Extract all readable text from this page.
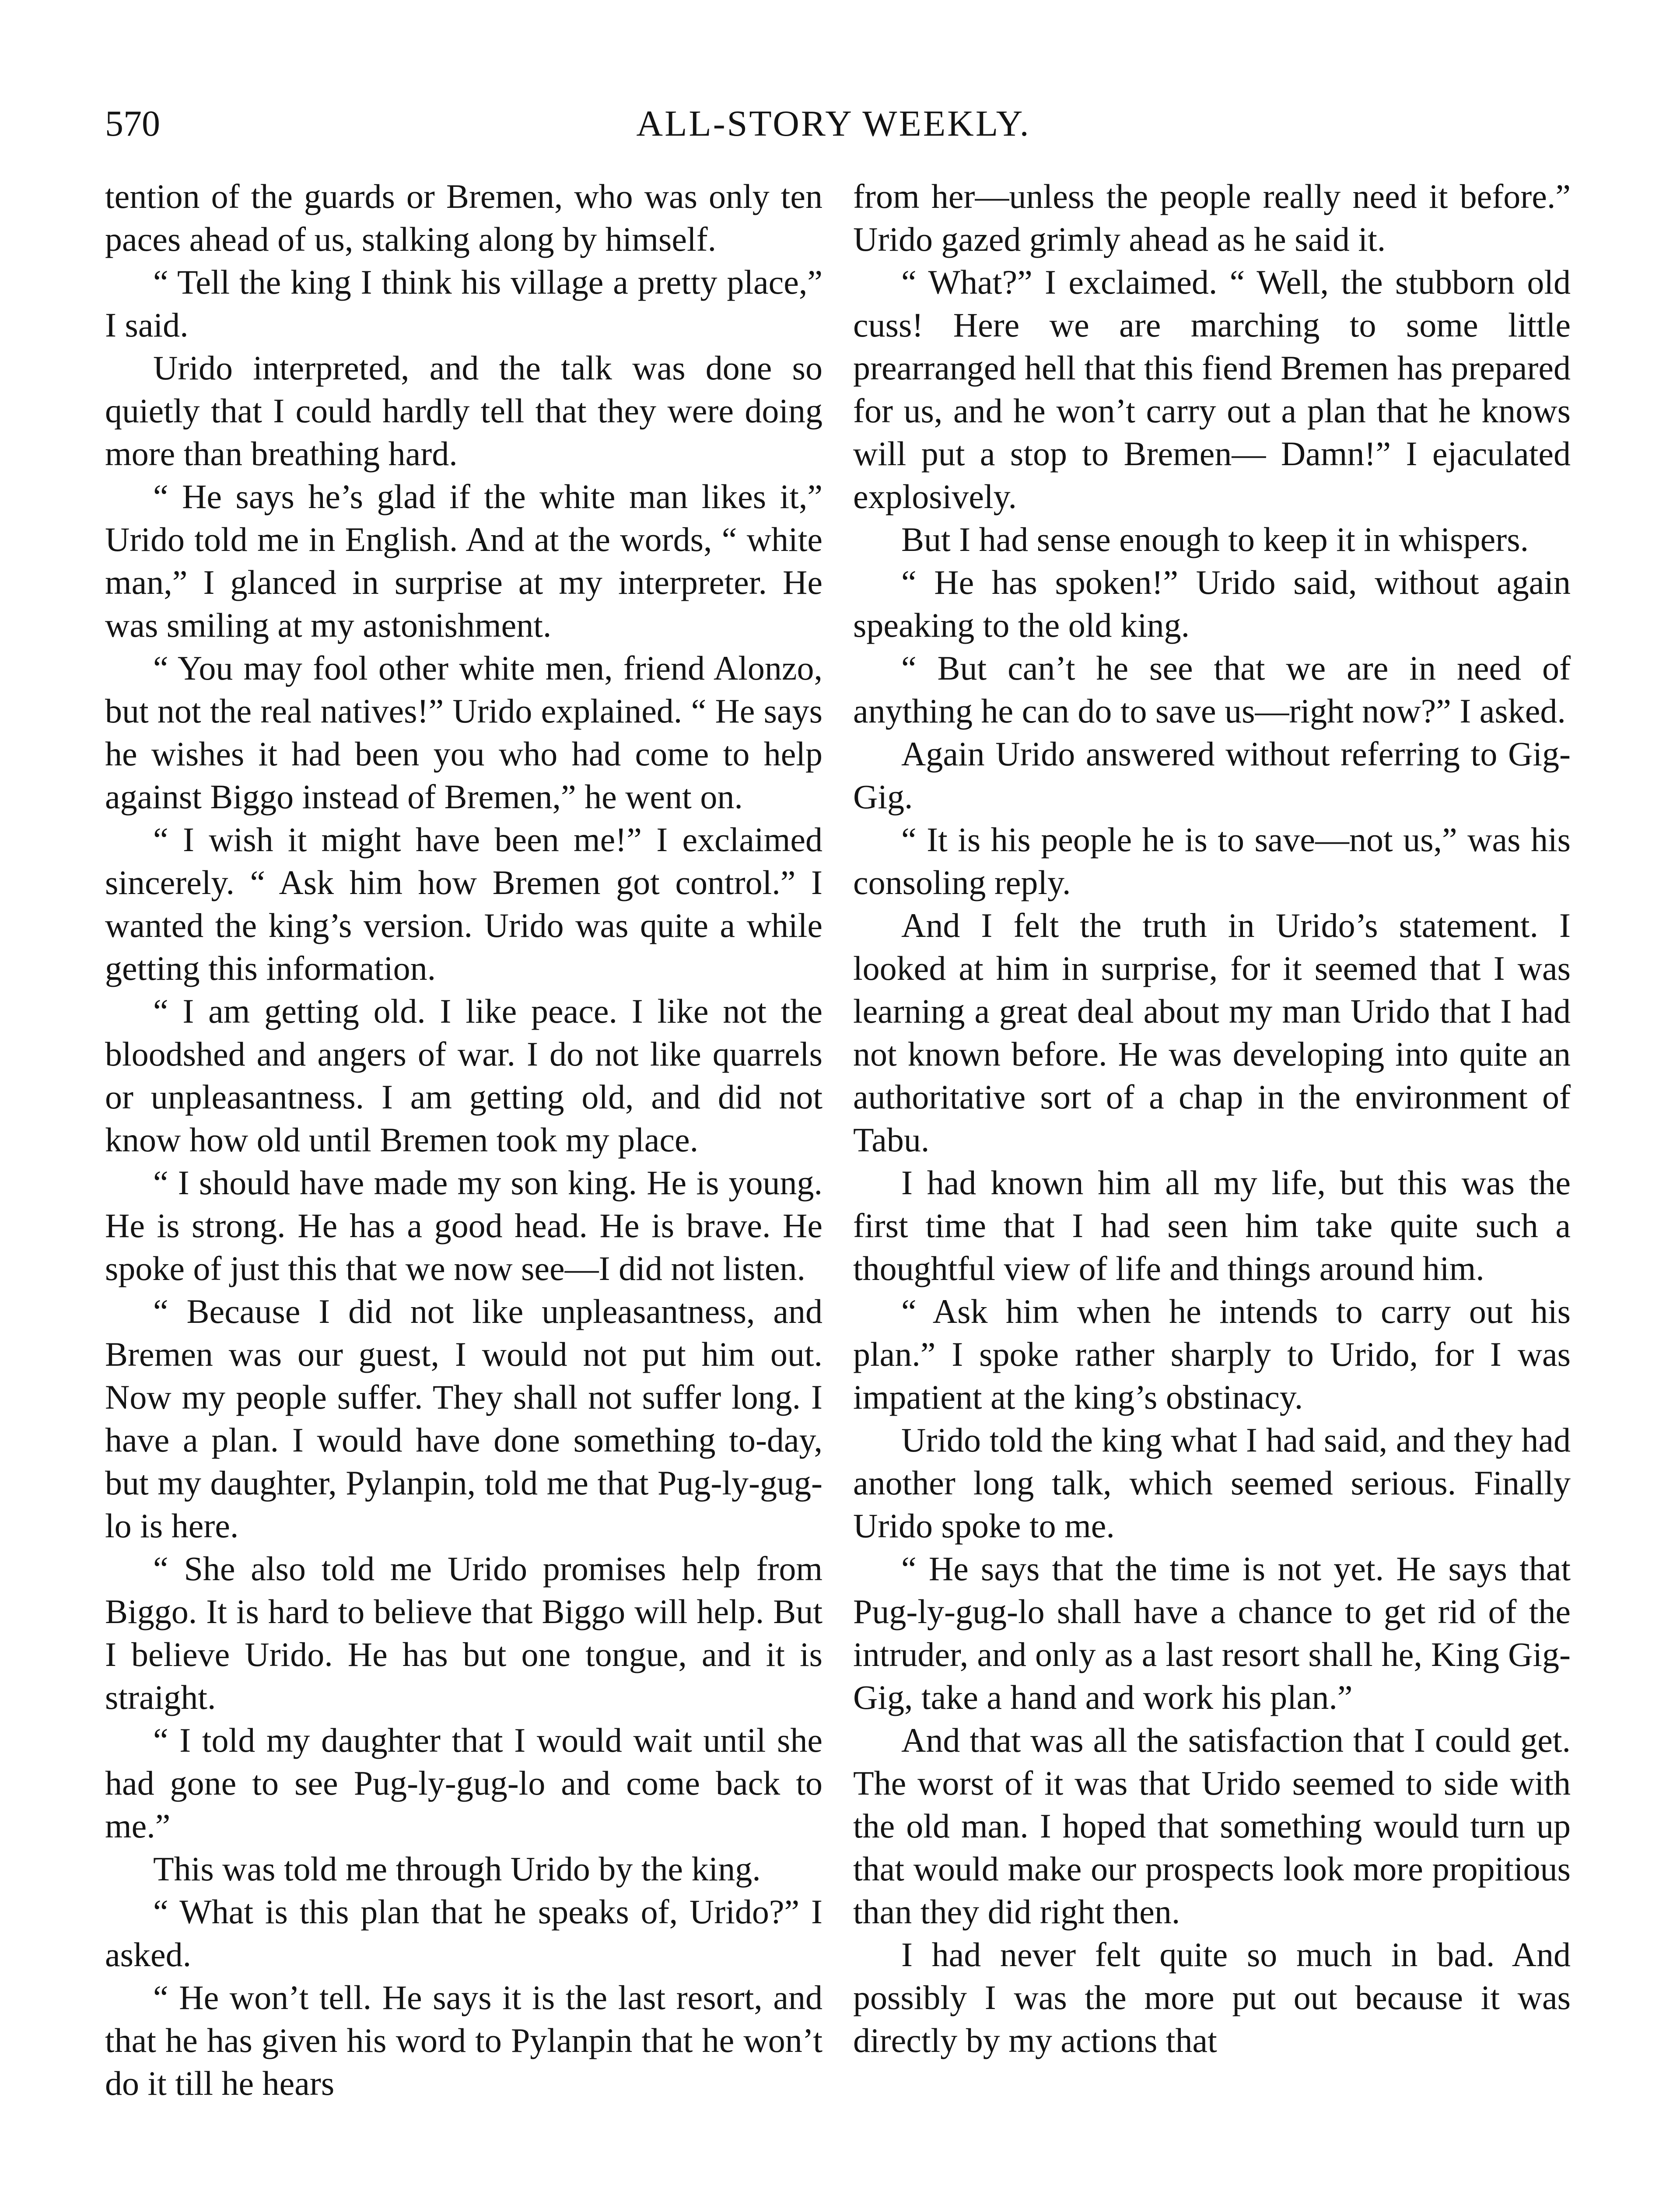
570	ALL-STORY WEEKLY.

tention of the guards or Bremen, who was only ten paces ahead of us, stalking along by himself.

“ Tell the king I think his village a pretty place,” I said.

Urido interpreted, and the talk was done so quietly that I could hardly tell that they were doing more than breathing hard.

“ He says he’s glad if the white man likes it,” Urido told me in English. And at the words, “ white man,” I glanced in surprise at my interpreter. He was smiling at my astonishment.

“ You may fool other white men, friend Alonzo, but not the real natives!” Urido explained. “ He says he wishes it had been you who had come to help against Biggo instead of Bremen,” he went on.

“ I wish it might have been me!” I exclaimed sincerely. “ Ask him how Bremen got control.” I wanted the king’s version. Urido was quite a while getting this information.

“ I am getting old. I like peace. I like not the bloodshed and angers of war. I do not like quarrels or unpleasantness. I am getting old, and did not know how old until Bremen took my place.

“ I should have made my son king. He is young. He is strong. He has a good head. He is brave. He spoke of just this that we now see—I did not listen.

“ Because I did not like unpleasantness, and Bremen was our guest, I would not put him out. Now my people suffer. They shall not suffer long. I have a plan. I would have done something to-day, but my daughter, Pylanpin, told me that Pug-ly-gug-lo is here.

“ She also told me Urido promises help from Biggo. It is hard to believe that Biggo will help. But I believe Urido. He has but one tongue, and it is straight.

“ I told my daughter that I would wait until she had gone to see Pug-ly-gug-lo and come back to me.”

This was told me through Urido by the king.

“ What is this plan that he speaks of, Urido?” I asked.

“ He won’t tell. He says it is the last resort, and that he has given his word to Pylanpin that he won’t do it till he hears

from her—unless the people really need it before.” Urido gazed grimly ahead as he said it.

“ What?” I exclaimed. “ Well, the stubborn old cuss! Here we are marching to some little prearranged hell that this fiend Bremen has prepared for us, and he won’t carry out a plan that he knows will put a stop to Bremen— Damn!” I ejaculated explosively.

But I had sense enough to keep it in whispers.

“ He has spoken!” Urido said, without again speaking to the old king.

“ But can’t he see that we are in need of anything he can do to save us—right now?” I asked.

Again Urido answered without referring to Gig-Gig.

“ It is his people he is to save—not us,” was his consoling reply.

And I felt the truth in Urido’s statement. I looked at him in surprise, for it seemed that I was learning a great deal about my man Urido that I had not known before. He was developing into quite an authoritative sort of a chap in the environment of Tabu.

I had known him all my life, but this was the first time that I had seen him take quite such a thoughtful view of life and things around him.

“ Ask him when he intends to carry out his plan.” I spoke rather sharply to Urido, for I was impatient at the king’s obstinacy.

Urido told the king what I had said, and they had another long talk, which seemed serious. Finally Urido spoke to me.

“ He says that the time is not yet. He says that Pug-ly-gug-lo shall have a chance to get rid of the intruder, and only as a last resort shall he, King Gig-Gig, take a hand and work his plan.”

And that was all the satisfaction that I could get. The worst of it was that Urido seemed to side with the old man. I hoped that something would turn up that would make our prospects look more propitious than they did right then.

I had never felt quite so much in bad. And possibly I was the more put out because it was directly by my actions that
